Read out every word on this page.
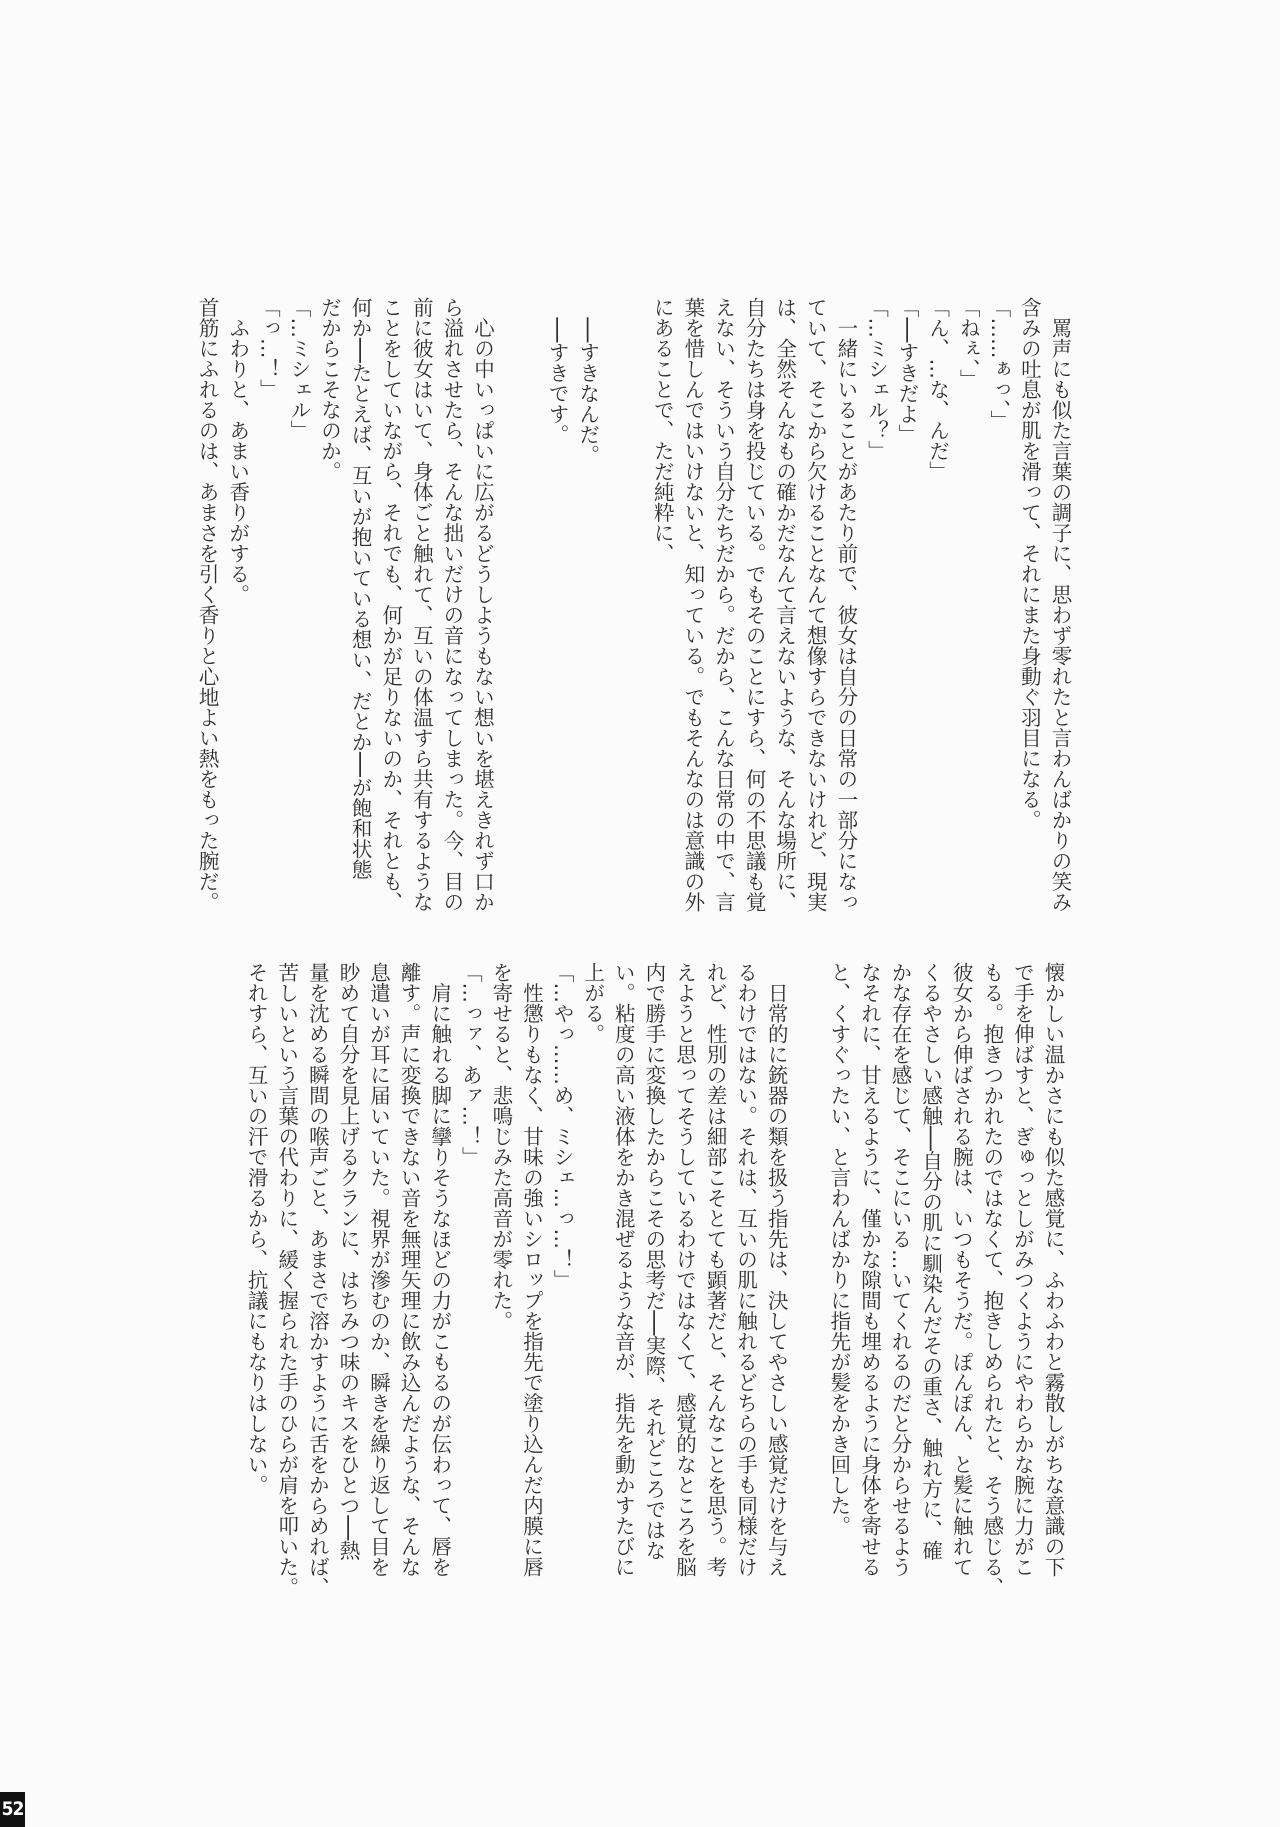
　罵声にも似た言葉の調子に、思わず零れたと言わんばかりの笑み
含みの吐息が肌を滑って、それにまた身動ぐ羽目になる。
「……ぁっ、」
「ねぇ、」
「ん、…な、んだ」
「──すきだよ」
「…ミシェル？」
　一緒にいることがあたり前で、彼女は自分の日常の一部分になっ
ていて、そこから欠けることなんて想像すらできないけれど、現実
は、全然そんなもの確かだなんて言えないような、そんな場所に、
自分たちは身を投じている。でもそのことにすら、何の不思議も覚
えない、そういう自分たちだから。だから、こんな日常の中で、言
葉を惜しんではいけないと、知っている。でもそんなのは意識の外
にあることで、ただ純粋に、
　──すきなんだ。
　──すきです。
　心の中いっぱいに広がるどうしようもない想いを堪えきれず口か
ら溢れさせたら、そんな拙いだけの音になってしまった。今、目の
前に彼女はいて、身体ごと触れて、互いの体温すら共有するような
ことをしていながら、それでも、何かが足りないのか、それとも、
何か──たとえば、互いが抱いている想い、だとか──が飽和状態
だからこそなのか。
「…ミシェル」
「っ…！」
　ふわりと、あまい香りがする。
首筋にふれるのは、あまさを引く香りと心地よい熱をもった腕だ。
懐かしい温かさにも似た感覚に、ふわふわと霧散しがちな意識の下
で手を伸ばすと、ぎゅっとしがみつくようにやわらかな腕に力がこ
もる。抱きつかれたのではなくて、抱きしめられたと、そう感じる、
彼女から伸ばされる腕は、いつもそうだ。ぽんぽん、と髪に触れて
くるやさしい感触──自分の肌に馴染んだその重さ、触れ方に、確
かな存在を感じて、そこにいる…いてくれるのだと分からせるよう
なそれに、甘えるように、僅かな隙間も埋めるように身体を寄せる
と、くすぐったい、と言わんばかりに指先が髪をかき回した。
　日常的に銃器の類を扱う指先は、決してやさしい感覚だけを与え
るわけではない。それは、互いの肌に触れるどちらの手も同様だけ
れど、性別の差は細部こそとても顕著だと、そんなことを思う。考
えようと思ってそうしているわけではなくて、感覚的なところを脳
内で勝手に変換したからこその思考だ──実際、それどころではな
い。粘度の高い液体をかき混ぜるような音が、指先を動かすたびに
上がる。
「…やっ……め、ミシェ…っ…！」
　性懲りもなく、甘味の強いシロップを指先で塗り込んだ内膜に唇
を寄せると、悲鳴じみた高音が零れた。
「…っァ、あァ…！」
　肩に触れる脚に攣りそうなほどの力がこもるのが伝わって、唇を
離す。声に変換できない音を無理矢理に飲み込んだような、そんな
息遣いが耳に届いていた。視界が滲むのか、瞬きを繰り返して目を
眇めて自分を見上げるクランに、はちみつ味のキスをひとつ──熱
量を沈める瞬間の喉声ごと、あまさで溶かすように舌をからめれば、
苦しいという言葉の代わりに、緩く握られた手のひらが肩を叩いた。
それすら、互いの汗で滑るから、抗議にもなりはしない。
52
